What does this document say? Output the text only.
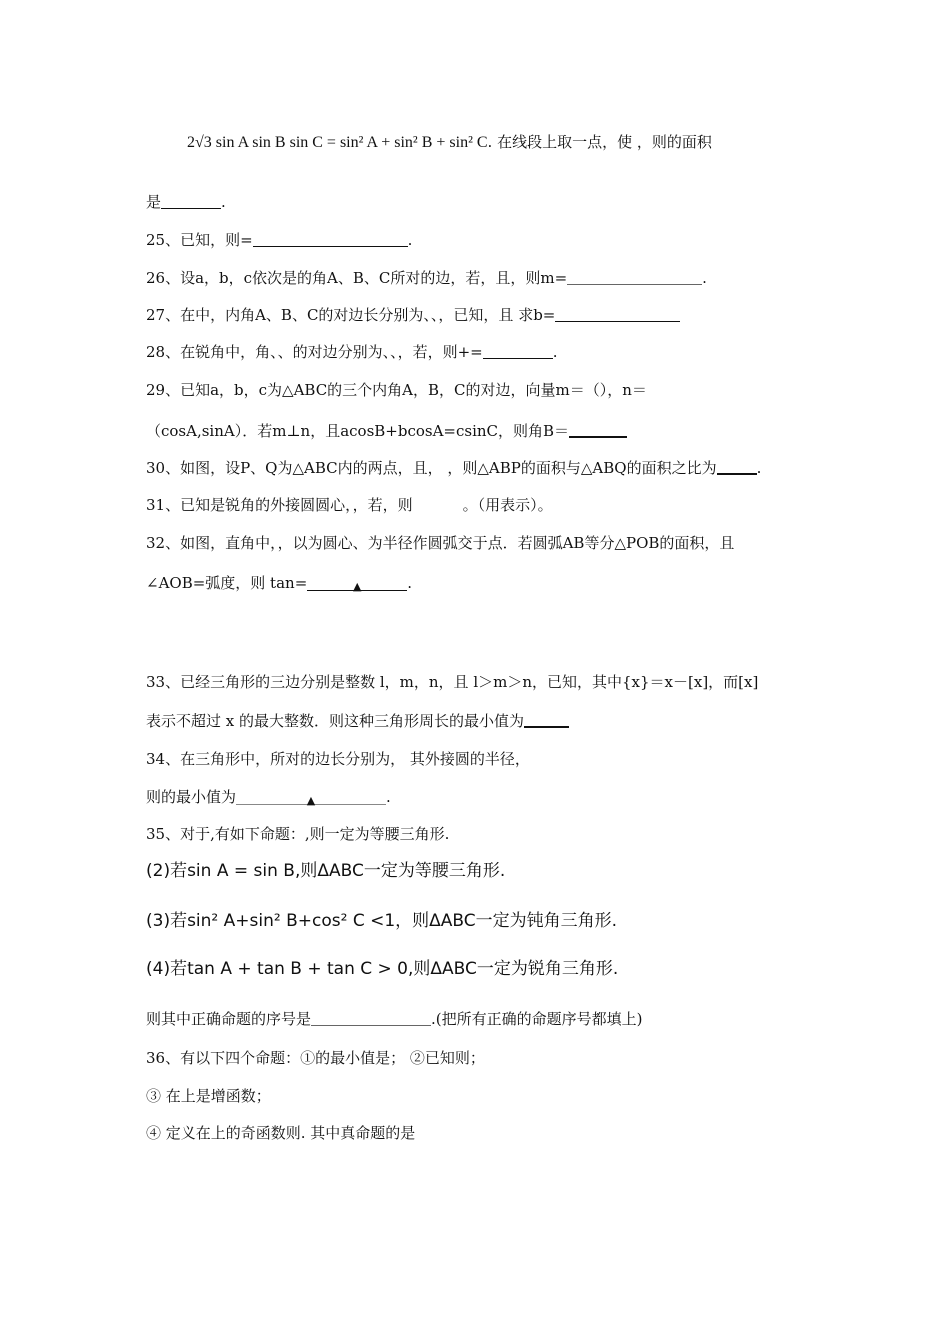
2√3 sin A sin B sin C = sin² A + sin² B + sin² C. 在线段上取一点，使 ，则的面积
是	.
25、已知，则=	.
26、设a，b，c依次是的角A、B、C所对的边，若，且，则m=	.
27、在中，内角A、B、C的对边长分别为、、，已知，且 求b=
28、在锐角中，角、、的对边分别为、、，若，则+=	.
29、已知a，b，c为△ABC的三个内角A，B，C的对边，向量m＝（），n＝
（cosA,sinA）．若m⊥n，且acosB+bcosA=csinC，则角B＝
30、如图，设P、Q为△ABC内的两点，且， ，则△ABP的面积与△ABQ的面积之比为	.
31、已知是锐角的外接圆圆心，，若，则	。（用表示）。
32、如图，直角中，，以为圆心、为半径作圆弧交于点．若圆弧AB等分△POB的面积，且
∠AOB=弧度，则 tan=	▲	.
33、已经三角形的三边分别是整数 l，m，n，且 l＞m＞n，已知，其中{x}＝x－[x]，而[x]
表示不超过 x 的最大整数．则这种三角形周长的最小值为
34、在三角形中，所对的边长分别为， 其外接圆的半径，
则的最小值为	▲	.
35、对于,有如下命题：,则一定为等腰三角形.
(2)若sin A = sin B,则ΔABC一定为等腰三角形.
(3)若sin² A+sin² B+cos² C <1，则ΔABC一定为钝角三角形.
(4)若tan A + tan B + tan C > 0,则ΔABC一定为锐角三角形.
则其中正确命题的序号是	.(把所有正确的命题序号都填上)
36、有以下四个命题：①的最小值是； ②已知则；
③ 在上是增函数；
④ 定义在上的奇函数则. 其中真命题的是
